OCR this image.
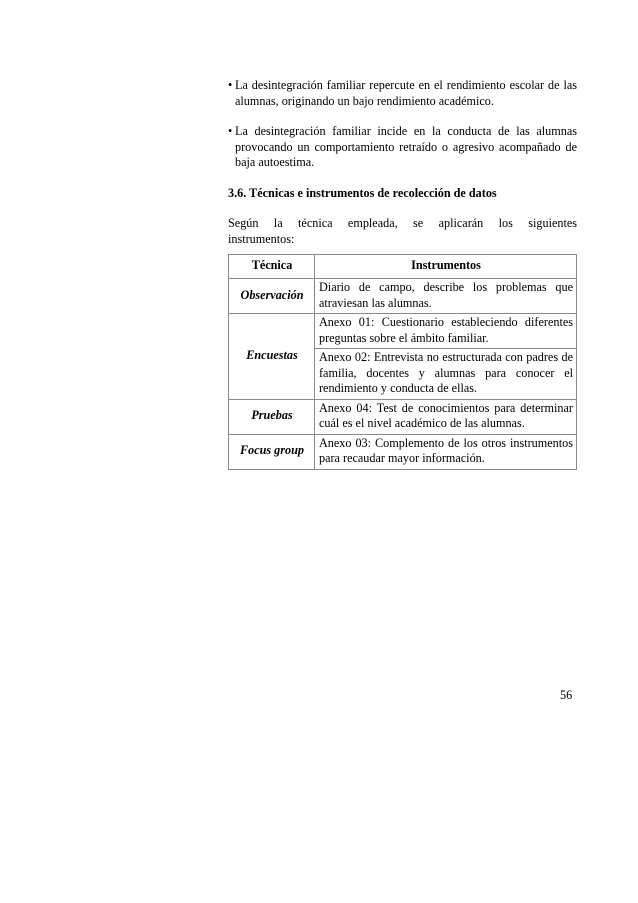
• La desintegración familiar repercute en el rendimiento escolar de las alumnas, originando un bajo rendimiento académico.

• La desintegración familiar incide en la conducta de las alumnas provocando un comportamiento retraído o agresivo acompañado de baja autoestima.

3.6. Técnicas e instrumentos de recolección de datos

Según la técnica empleada, se aplicarán los siguientes

instrumentos:

Técnica	Instrumentos
Observación	Diario de campo, describe los problemas que atraviesan las alumnas.
Encuestas	Anexo 01: Cuestionario estableciendo diferentes preguntas sobre el ámbito familiar.
	Anexo 02: Entrevista no estructurada con padres de familia, docentes y alumnas para conocer el rendimiento y conducta de ellas.
Pruebas	Anexo 04: Test de conocimientos para determinar cuál es el nivel académico de las alumnas.
Focus group	Anexo 03: Complemento de los otros instrumentos para recaudar mayor información.
56
